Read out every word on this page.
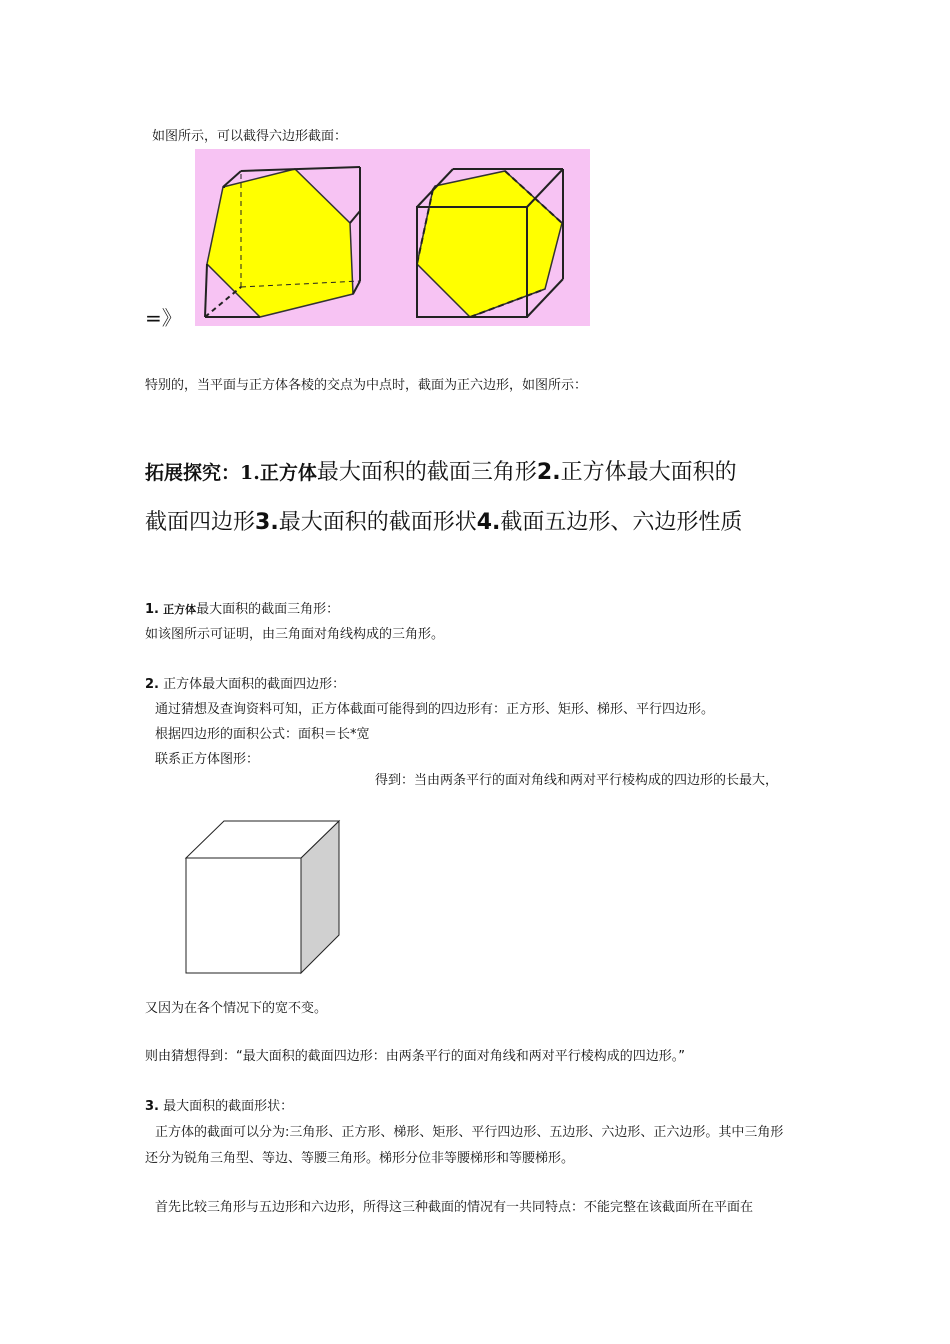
如图所示，可以截得六边形截面：
=》
特别的，当平面与正方体各棱的交点为中点时，截面为正六边形，如图所示：
拓展探究：1.正方体最大面积的截面三角形2.正方体最大面积的
截面四边形3.最大面积的截面形状4.截面五边形、六边形性质
1. 正方体最大面积的截面三角形：
如该图所示可证明，由三角面对角线构成的三角形。
2. 正方体最大面积的截面四边形：
通过猜想及查询资料可知，正方体截面可能得到的四边形有：正方形、矩形、梯形、平行四边形。
根据四边形的面积公式：面积＝长*宽
联系正方体图形：
得到：当由两条平行的面对角线和两对平行棱构成的四边形的长最大，
又因为在各个情况下的宽不变。
则由猜想得到：“最大面积的截面四边形：由两条平行的面对角线和两对平行棱构成的四边形。”
3. 最大面积的截面形状：
正方体的截面可以分为:三角形、正方形、梯形、矩形、平行四边形、五边形、六边形、正六边形。其中三角形
还分为锐角三角型、等边、等腰三角形。梯形分位非等腰梯形和等腰梯形。
首先比较三角形与五边形和六边形，所得这三种截面的情况有一共同特点：不能完整在该截面所在平面在
